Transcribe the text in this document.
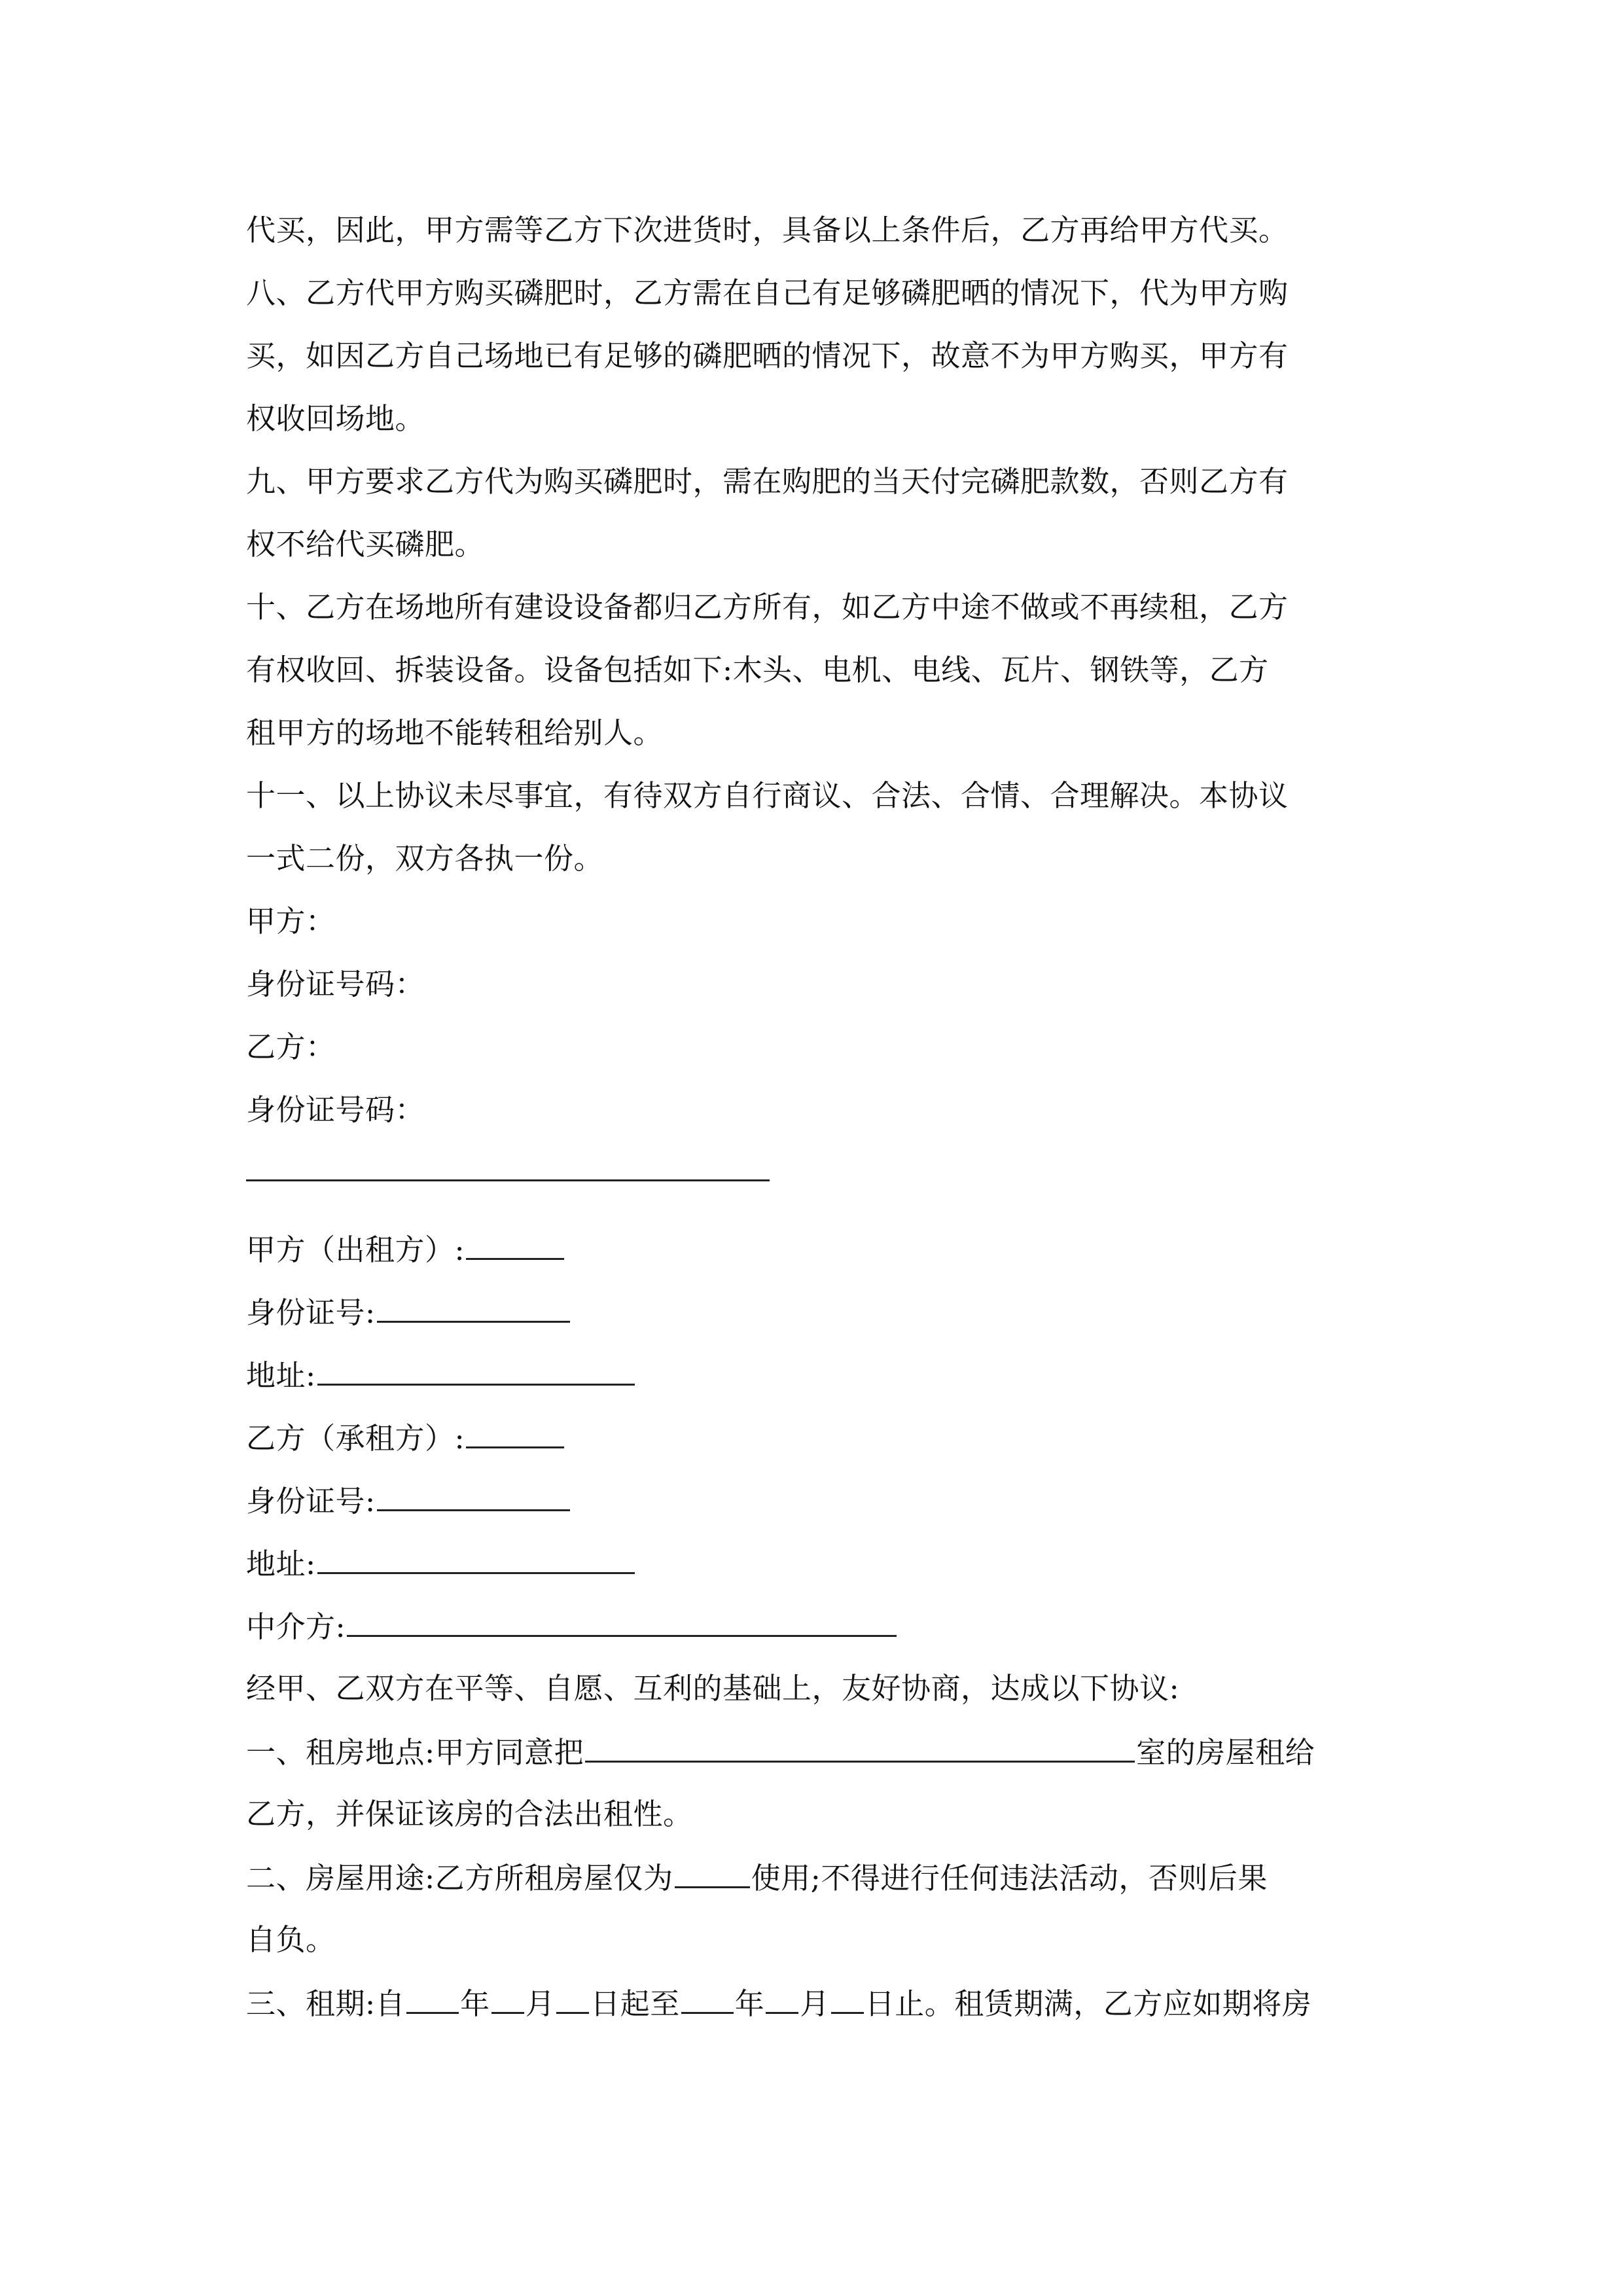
代买，因此，甲方需等乙方下次进货时，具备以上条件后，乙方再给甲方代买。
八、乙方代甲方购买磷肥时，乙方需在自己有足够磷肥晒的情况下，代为甲方购
买，如因乙方自己场地已有足够的磷肥晒的情况下，故意不为甲方购买，甲方有
权收回场地。
九、甲方要求乙方代为购买磷肥时，需在购肥的当天付完磷肥款数，否则乙方有
权不给代买磷肥。
十、乙方在场地所有建设设备都归乙方所有，如乙方中途不做或不再续租，乙方
有权收回、拆装设备。设备包括如下:木头、电机、电线、瓦片、钢铁等，乙方
租甲方的场地不能转租给别人。
十一、以上协议未尽事宜，有待双方自行商议、合法、合情、合理解决。本协议
一式二份，双方各执一份。
甲方：
身份证号码：
乙方：
身份证号码：
甲方（出租方）:
身份证号:
地址:
乙方（承租方）:
身份证号:
地址:
中介方:
经甲、乙双方在平等、自愿、互利的基础上，友好协商，达成以下协议:
一、租房地点:甲方同意把	室的房屋租给
乙方，并保证该房的合法出租性。
二、房屋用途:乙方所租房屋仅为	使用;不得进行任何违法活动，否则后果
自负。
三、租期:自 年 月 日起至 年 月 日止。租赁期满，乙方应如期将房
